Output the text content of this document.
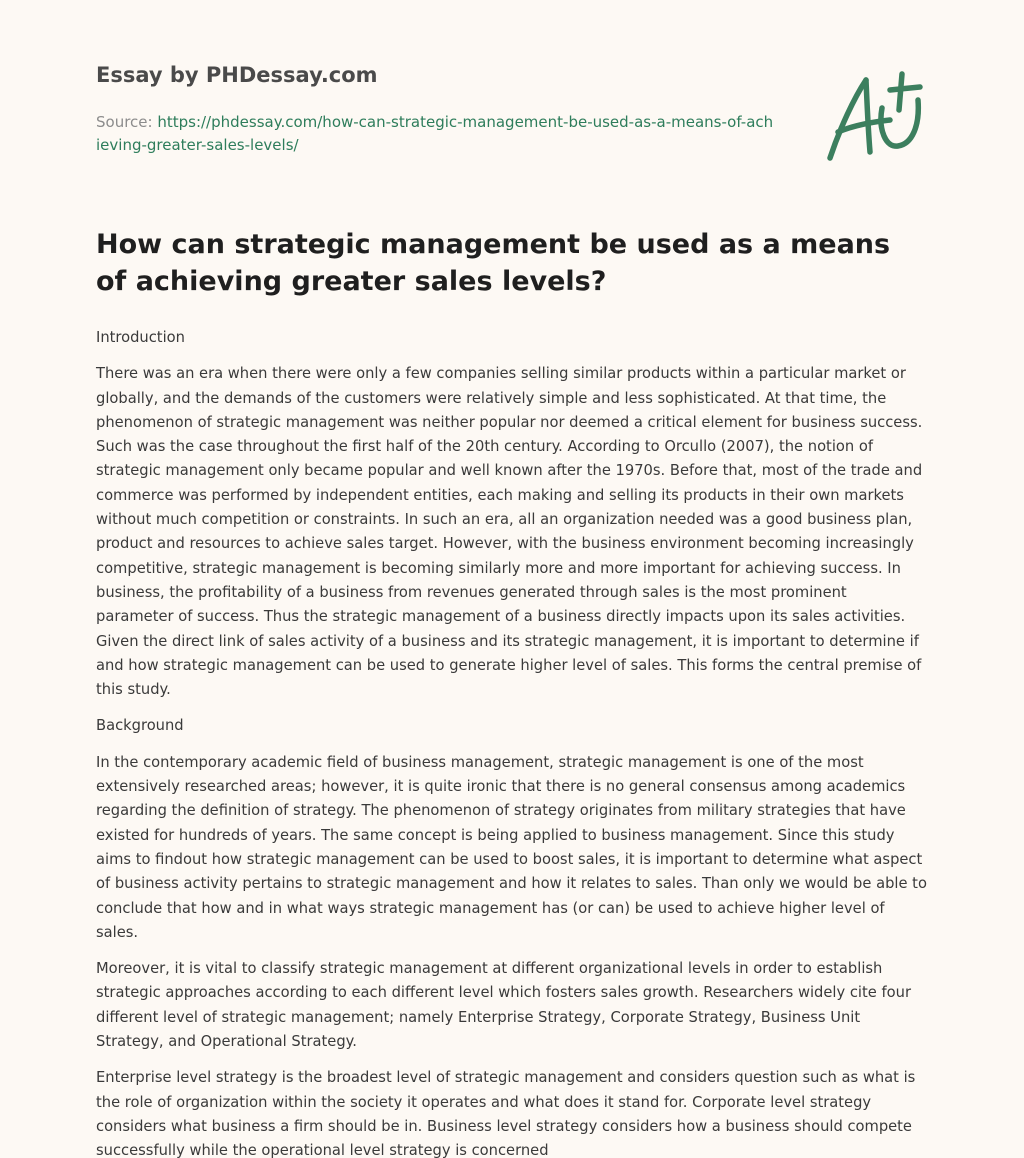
Essay by PHDessay.com
Source: https://phdessay.com/how-can-strategic-management-be-used-as-a-means-of-achieving-greater-sales-levels/
How can strategic management be used as a means of achieving greater sales levels?

Introduction

There was an era when there were only a few companies selling similar products within a particular market or globally, and the demands of the customers were relatively simple and less sophisticated. At that time, the phenomenon of strategic management was neither popular nor deemed a critical element for business success. Such was the case throughout the first half of the 20th century. According to Orcullo (2007), the notion of strategic management only became popular and well known after the 1970s. Before that, most of the trade and commerce was performed by independent entities, each making and selling its products in their own markets without much competition or constraints. In such an era, all an organization needed was a good business plan, product and resources to achieve sales target. However, with the business environment becoming increasingly competitive, strategic management is becoming similarly more and more important for achieving success. In business, the profitability of a business from revenues generated through sales is the most prominent parameter of success. Thus the strategic management of a business directly impacts upon its sales activities. Given the direct link of sales activity of a business and its strategic management, it is important to determine if and how strategic management can be used to generate higher level of sales. This forms the central premise of this study.

Background

In the contemporary academic field of business management, strategic management is one of the most extensively researched areas; however, it is quite ironic that there is no general consensus among academics regarding the definition of strategy. The phenomenon of strategy originates from military strategies that have existed for hundreds of years. The same concept is being applied to business management. Since this study aims to findout how strategic management can be used to boost sales, it is important to determine what aspect of business activity pertains to strategic management and how it relates to sales. Than only we would be able to conclude that how and in what ways strategic management has (or can) be used to achieve higher level of sales.

Moreover, it is vital to classify strategic management at different organizational levels in order to establish strategic approaches according to each different level which fosters sales growth. Researchers widely cite four different level of strategic management; namely Enterprise Strategy, Corporate Strategy, Business Unit Strategy, and Operational Strategy.

Enterprise level strategy is the broadest level of strategic management and considers question such as what is the role of organization within the society it operates and what does it stand for. Corporate level strategy considers what business a firm should be in. Business level strategy considers how a business should compete successfully while the operational level strategy is concerned
